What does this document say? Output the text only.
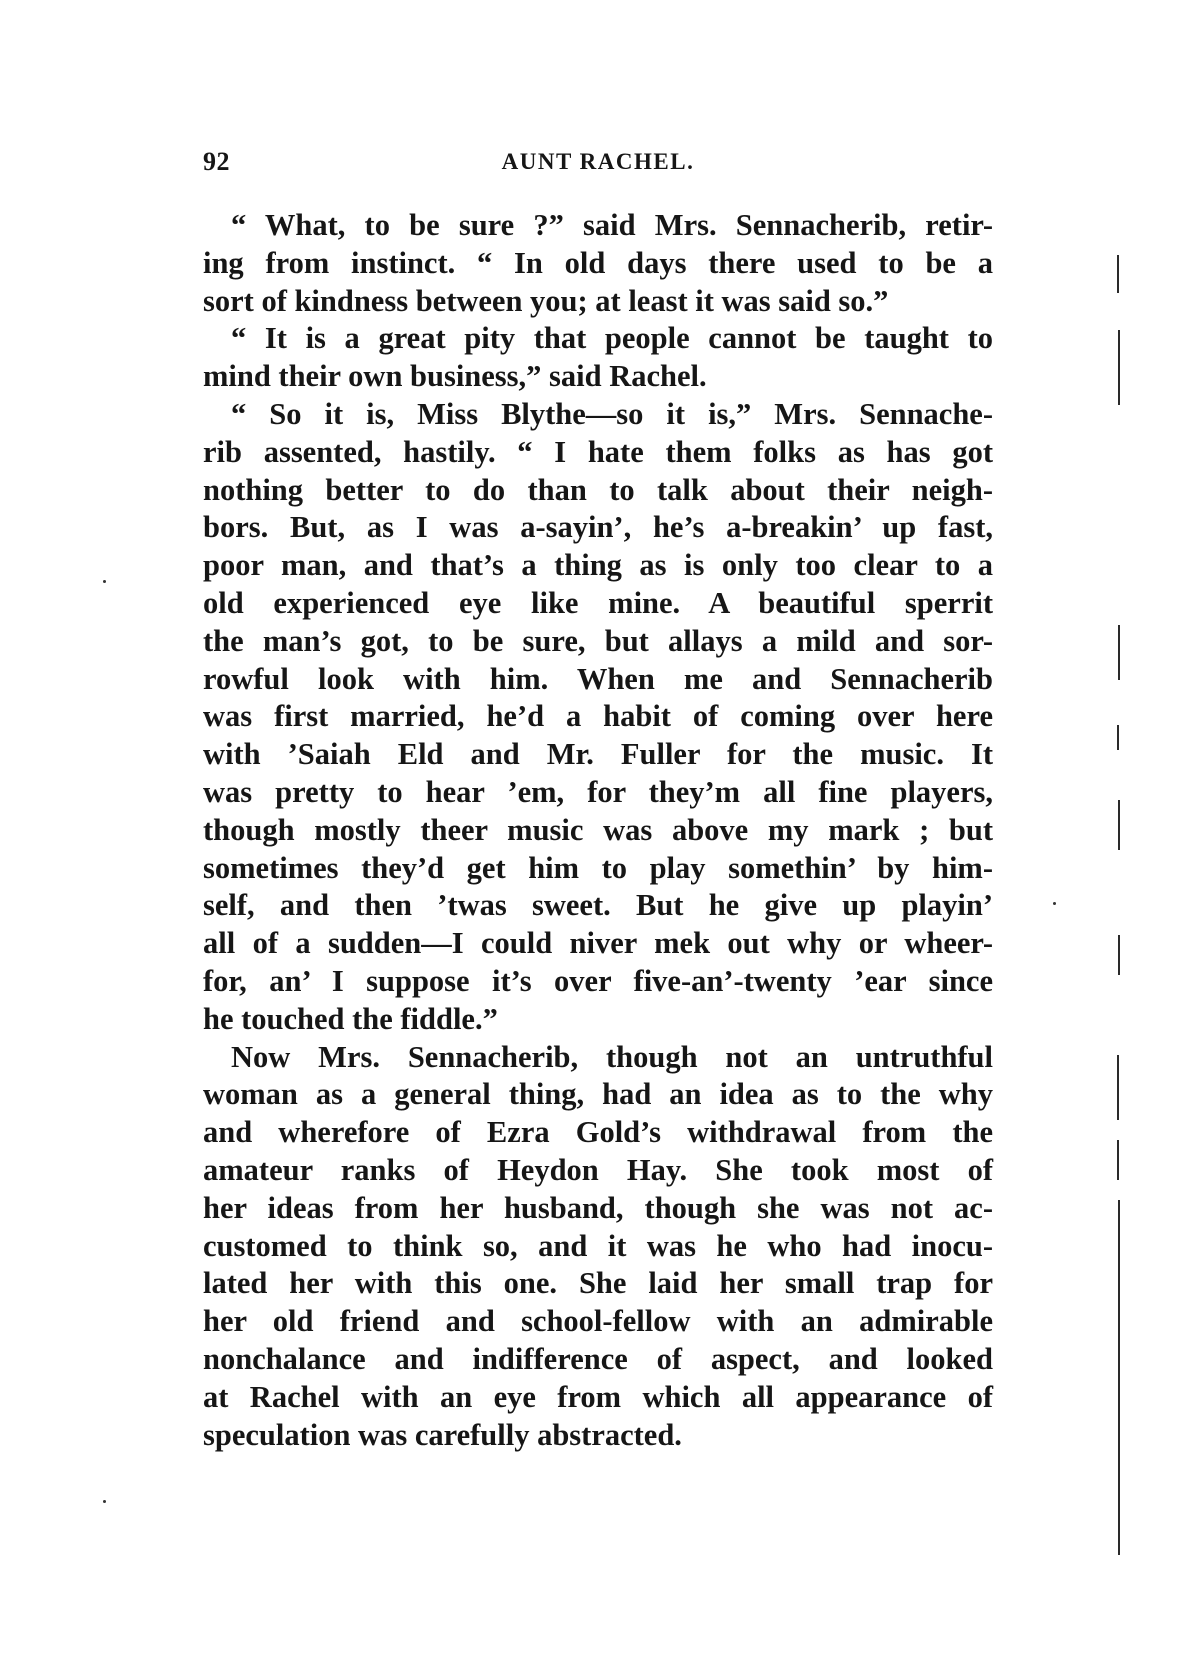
92	AUNT RACHEL.
“ What, to be sure ?” said Mrs. Sennacherib, retir-
ing from instinct. “ In old days there used to be a
sort of kindness between you; at least it was said so.”
“ It is a great pity that people cannot be taught to
mind their own business,” said Rachel.
“ So it is, Miss Blythe—so it is,” Mrs. Sennache-
rib assented, hastily. “ I hate them folks as has got
nothing better to do than to talk about their neigh-
bors. But, as I was a-sayin’, he’s a-breakin’ up fast,
poor man, and that’s a thing as is only too clear to a
old experienced eye like mine. A beautiful sperrit
the man’s got, to be sure, but allays a mild and sor-
rowful look with him. When me and Sennacherib
was first married, he’d a habit of coming over here
with ’Saiah Eld and Mr. Fuller for the music. It
was pretty to hear ’em, for they’m all fine players,
though mostly theer music was above my mark ; but
sometimes they’d get him to play somethin’ by him-
self, and then ’twas sweet. But he give up playin’
all of a sudden—I could niver mek out why or wheer-
for, an’ I suppose it’s over five-an’-twenty ’ear since
he touched the fiddle.”
Now Mrs. Sennacherib, though not an untruthful
woman as a general thing, had an idea as to the why
and wherefore of Ezra Gold’s withdrawal from the
amateur ranks of Heydon Hay. She took most of
her ideas from her husband, though she was not ac-
customed to think so, and it was he who had inocu-
lated her with this one. She laid her small trap for
her old friend and school-fellow with an admirable
nonchalance and indifference of aspect, and looked
at Rachel with an eye from which all appearance of
speculation was carefully abstracted.
